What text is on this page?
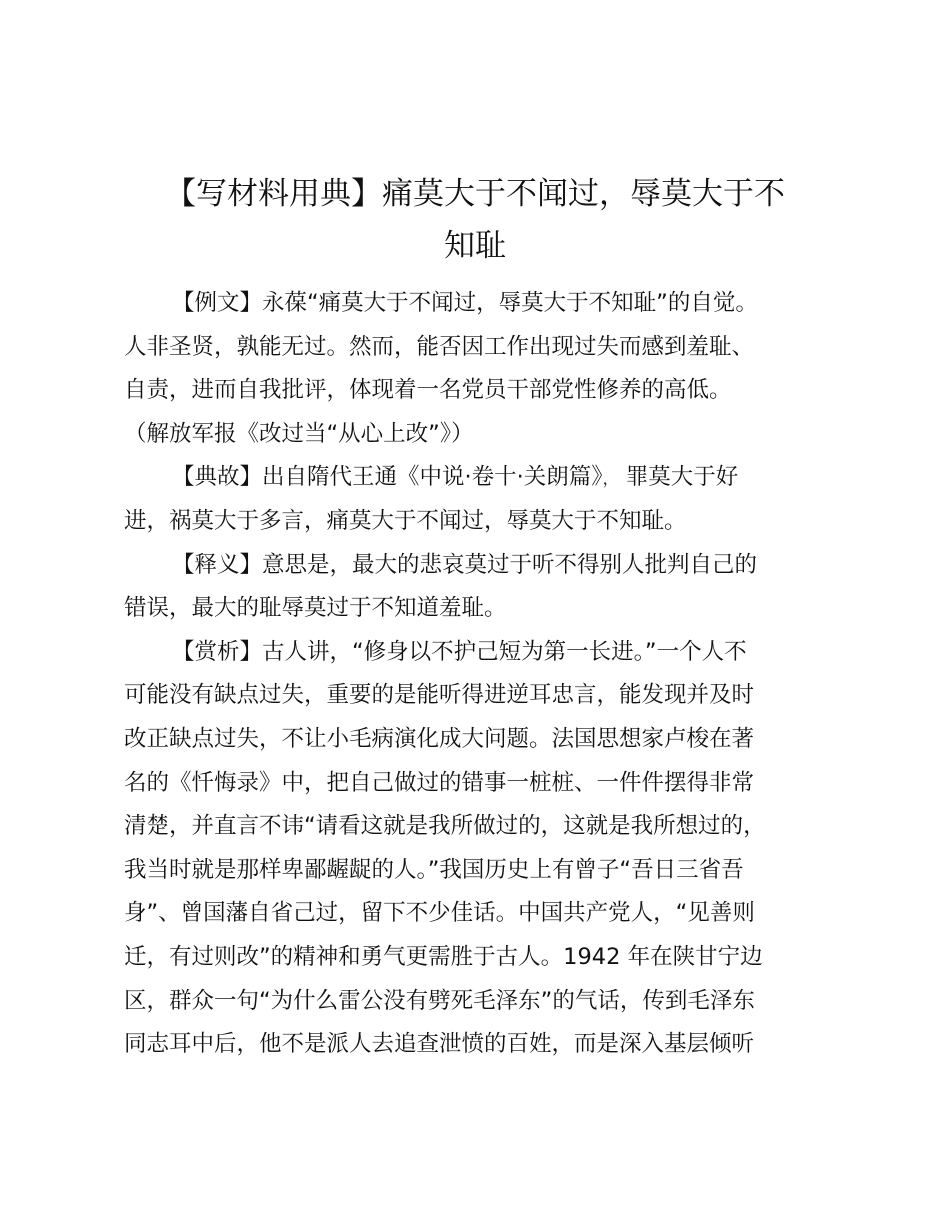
【写材料用典】痛莫大于不闻过，辱莫大于不
知耻
【例文】永葆“痛莫大于不闻过，辱莫大于不知耻”的自觉。
人非圣贤，孰能无过。然而，能否因工作出现过失而感到羞耻、
自责，进而自我批评，体现着一名党员干部党性修养的高低。
（解放军报《改过当“从心上改”》）
【典故】出自隋代王通《中说·卷十·关朗篇》， 罪莫大于好
进，祸莫大于多言，痛莫大于不闻过，辱莫大于不知耻。
【释义】意思是，最大的悲哀莫过于听不得别人批判自己的
错误，最大的耻辱莫过于不知道羞耻。
【赏析】古人讲，“修身以不护己短为第一长进。”一个人不
可能没有缺点过失，重要的是能听得进逆耳忠言，能发现并及时
改正缺点过失，不让小毛病演化成大问题。法国思想家卢梭在著
名的《忏悔录》中，把自己做过的错事一桩桩、一件件摆得非常
清楚，并直言不讳“请看这就是我所做过的，这就是我所想过的，
我当时就是那样卑鄙龌龊的人。”我国历史上有曾子“吾日三省吾
身”、曾国藩自省己过，留下不少佳话。中国共产党人，“见善则
迁，有过则改”的精神和勇气更需胜于古人。1942 年在陕甘宁边
区，群众一句“为什么雷公没有劈死毛泽东”的气话，传到毛泽东
同志耳中后，他不是派人去追查泄愤的百姓，而是深入基层倾听
